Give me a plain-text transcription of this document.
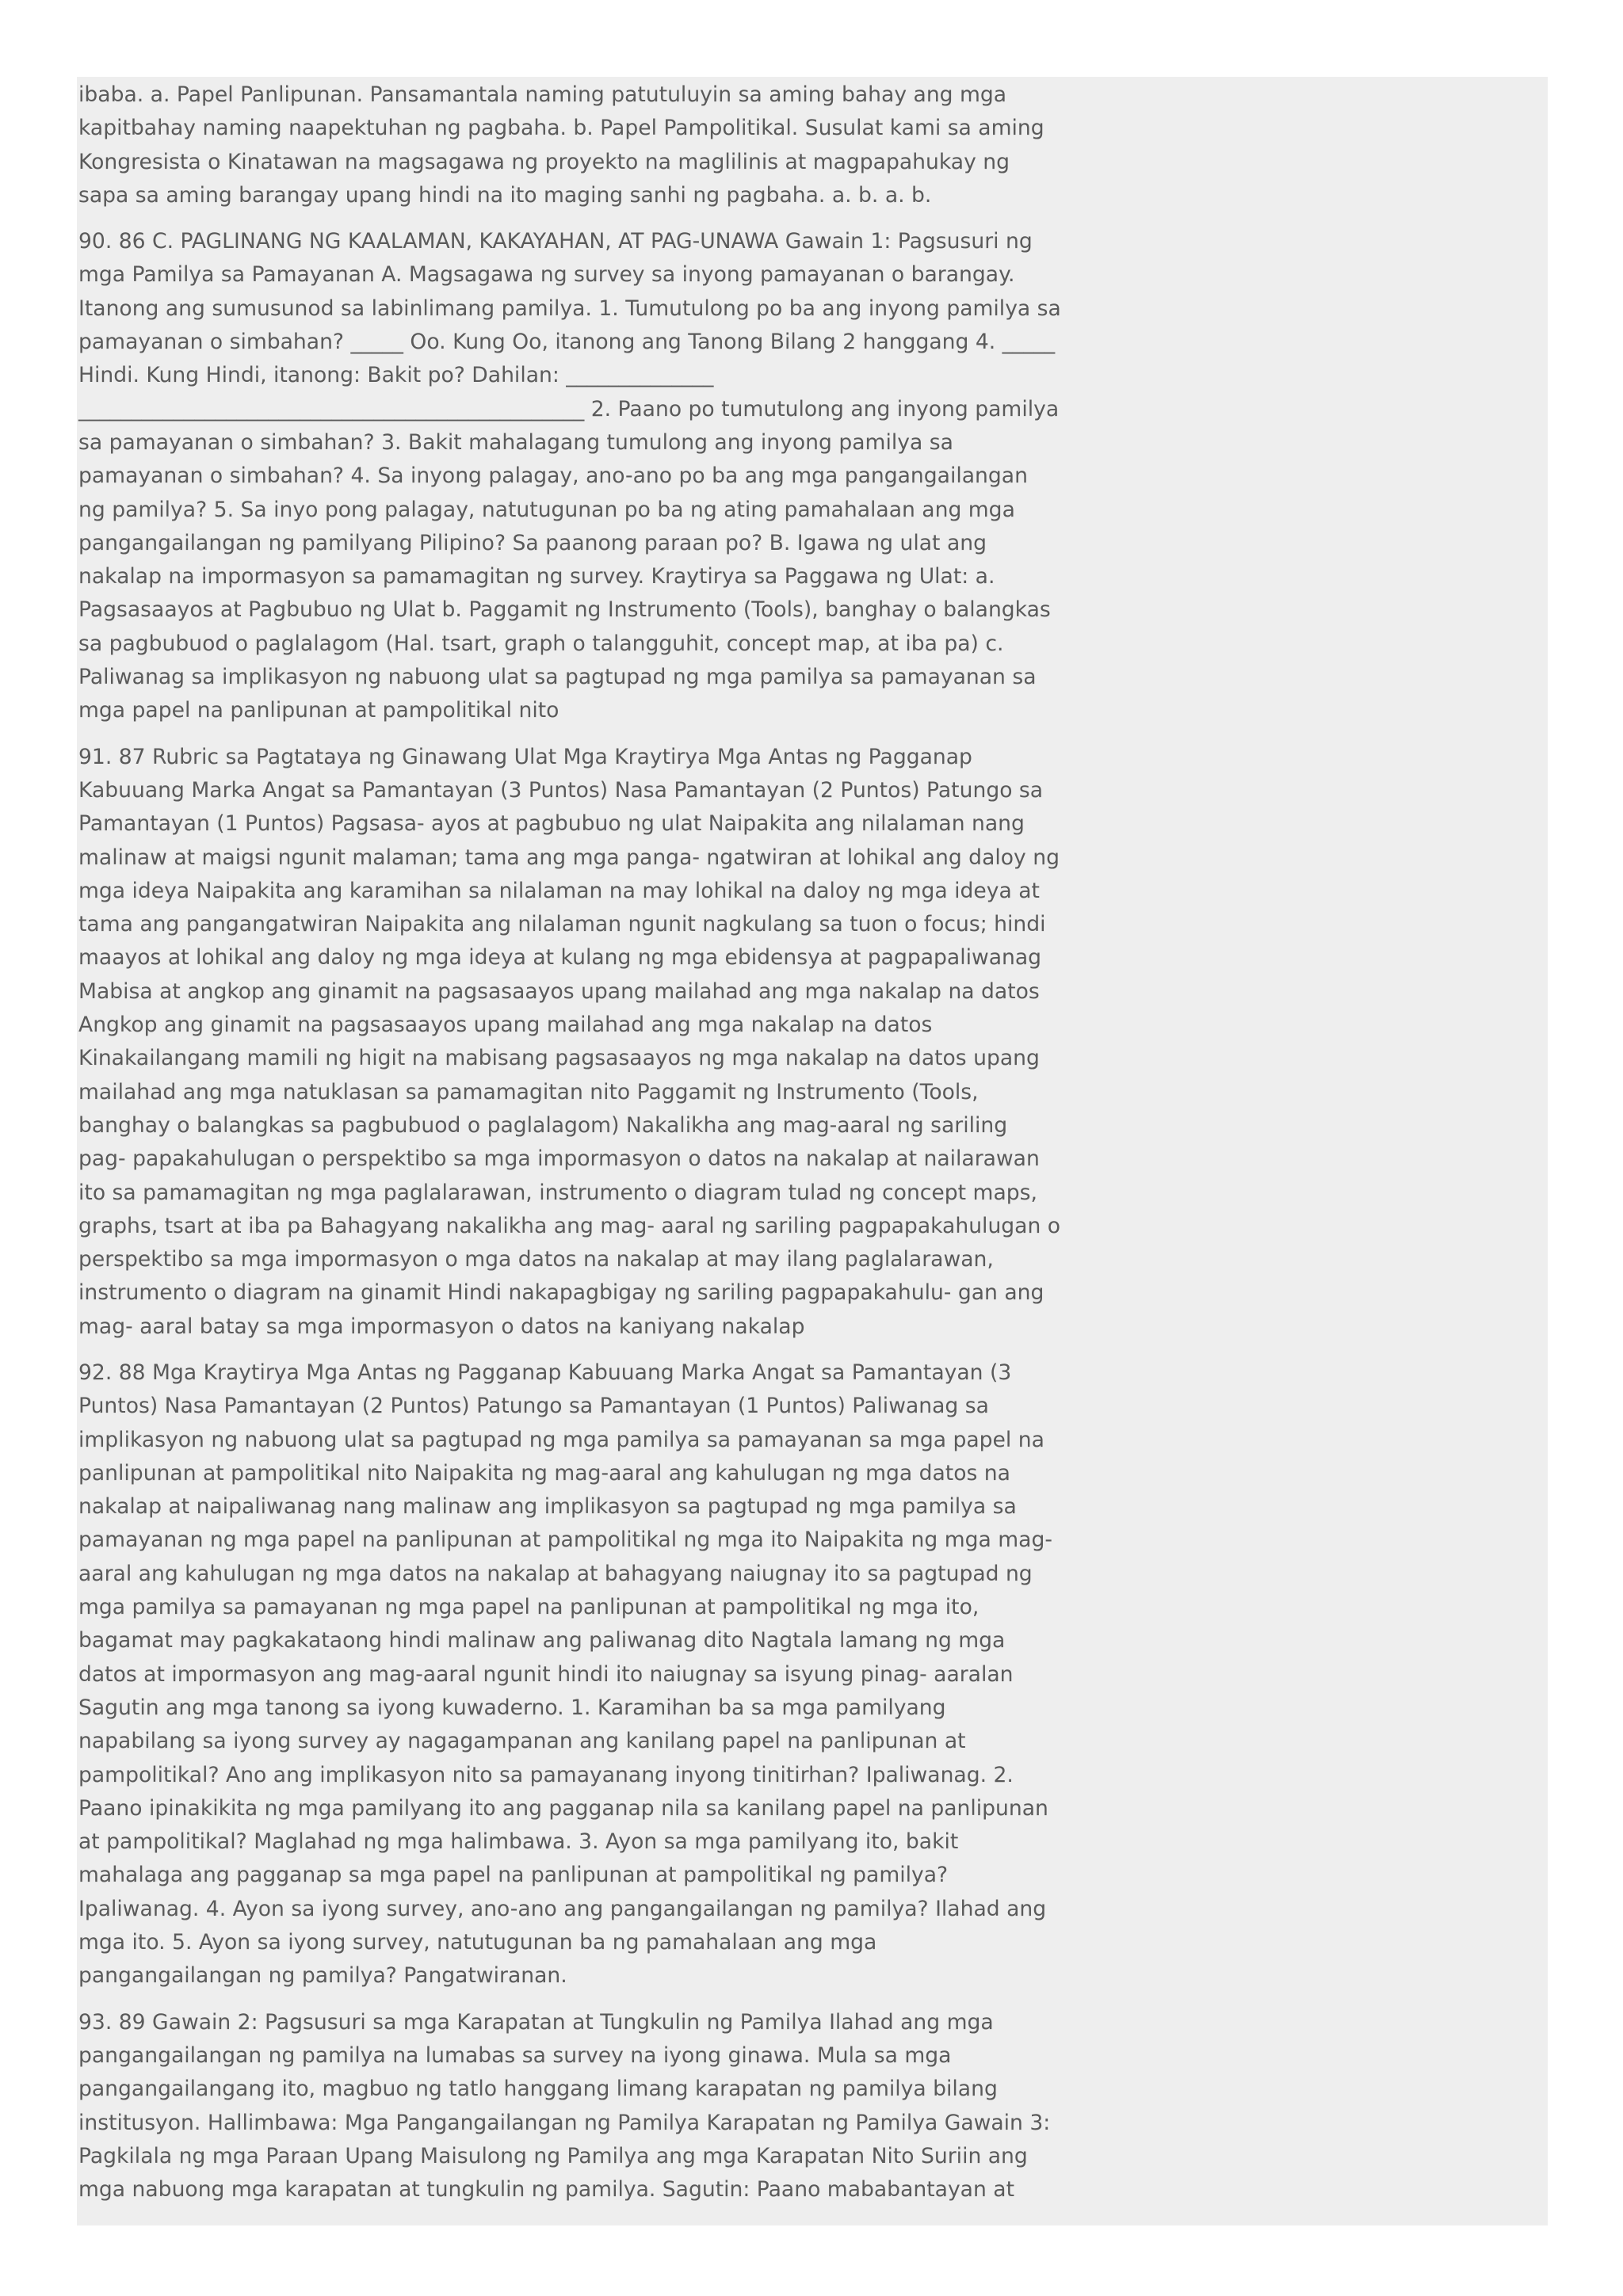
ibaba. a. Papel Panlipunan. Pansamantala naming patutuluyin sa aming bahay ang mga kapitbahay naming naapektuhan ng pagbaha. b. Papel Pampolitikal. Susulat kami sa aming Kongresista o Kinatawan na magsagawa ng proyekto na maglilinis at magpapahukay ng sapa sa aming barangay upang hindi na ito maging sanhi ng pagbaha. a. b. a. b.

90. 86 C. PAGLINANG NG KAALAMAN, KAKAYAHAN, AT PAG-UNAWA Gawain 1: Pagsusuri ng mga Pamilya sa Pamayanan A. Magsagawa ng survey sa inyong pamayanan o barangay. Itanong ang sumusunod sa labinlimang pamilya. 1. Tumutulong po ba ang inyong pamilya sa pamayanan o simbahan? _____ Oo. Kung Oo, itanong ang Tanong Bilang 2 hanggang 4. _____ Hindi. Kung Hindi, itanong: Bakit po? Dahilan: ______________ ________________________________________________ 2. Paano po tumutulong ang inyong pamilya sa pamayanan o simbahan? 3. Bakit mahalagang tumulong ang inyong pamilya sa pamayanan o simbahan? 4. Sa inyong palagay, ano-ano po ba ang mga pangangailangan ng pamilya? 5. Sa inyo pong palagay, natutugunan po ba ng ating pamahalaan ang mga pangangailangan ng pamilyang Pilipino? Sa paanong paraan po? B. Igawa ng ulat ang nakalap na impormasyon sa pamamagitan ng survey. Kraytirya sa Paggawa ng Ulat: a. Pagsasaayos at Pagbubuo ng Ulat b. Paggamit ng Instrumento (Tools), banghay o balangkas sa pagbubuod o paglalagom (Hal. tsart, graph o talangguhit, concept map, at iba pa) c. Paliwanag sa implikasyon ng nabuong ulat sa pagtupad ng mga pamilya sa pamayanan sa mga papel na panlipunan at pampolitikal nito

91. 87 Rubric sa Pagtataya ng Ginawang Ulat Mga Kraytirya Mga Antas ng Pagganap Kabuuang Marka Angat sa Pamantayan (3 Puntos) Nasa Pamantayan (2 Puntos) Patungo sa Pamantayan (1 Puntos) Pagsasa- ayos at pagbubuo ng ulat Naipakita ang nilalaman nang malinaw at maigsi ngunit malaman; tama ang mga panga- ngatwiran at lohikal ang daloy ng mga ideya Naipakita ang karamihan sa nilalaman na may lohikal na daloy ng mga ideya at tama ang pangangatwiran Naipakita ang nilalaman ngunit nagkulang sa tuon o focus; hindi maayos at lohikal ang daloy ng mga ideya at kulang ng mga ebidensya at pagpapaliwanag Mabisa at angkop ang ginamit na pagsasaayos upang mailahad ang mga nakalap na datos Angkop ang ginamit na pagsasaayos upang mailahad ang mga nakalap na datos Kinakailangang mamili ng higit na mabisang pagsasaayos ng mga nakalap na datos upang mailahad ang mga natuklasan sa pamamagitan nito Paggamit ng Instrumento (Tools, banghay o balangkas sa pagbubuod o paglalagom) Nakalikha ang mag-aaral ng sariling pag- papakahulugan o perspektibo sa mga impormasyon o datos na nakalap at nailarawan ito sa pamamagitan ng mga paglalarawan, instrumento o diagram tulad ng concept maps, graphs, tsart at iba pa Bahagyang nakalikha ang mag- aaral ng sariling pagpapakahulugan o perspektibo sa mga impormasyon o mga datos na nakalap at may ilang paglalarawan, instrumento o diagram na ginamit Hindi nakapagbigay ng sariling pagpapakahulu- gan ang mag- aaral batay sa mga impormasyon o datos na kaniyang nakalap

92. 88 Mga Kraytirya Mga Antas ng Pagganap Kabuuang Marka Angat sa Pamantayan (3 Puntos) Nasa Pamantayan (2 Puntos) Patungo sa Pamantayan (1 Puntos) Paliwanag sa implikasyon ng nabuong ulat sa pagtupad ng mga pamilya sa pamayanan sa mga papel na panlipunan at pampolitikal nito Naipakita ng mag-aaral ang kahulugan ng mga datos na nakalap at naipaliwanag nang malinaw ang implikasyon sa pagtupad ng mga pamilya sa pamayanan ng mga papel na panlipunan at pampolitikal ng mga ito Naipakita ng mga mag- aaral ang kahulugan ng mga datos na nakalap at bahagyang naiugnay ito sa pagtupad ng mga pamilya sa pamayanan ng mga papel na panlipunan at pampolitikal ng mga ito, bagamat may pagkakataong hindi malinaw ang paliwanag dito Nagtala lamang ng mga datos at impormasyon ang mag-aaral ngunit hindi ito naiugnay sa isyung pinag- aaralan Sagutin ang mga tanong sa iyong kuwaderno. 1. Karamihan ba sa mga pamilyang napabilang sa iyong survey ay nagagampanan ang kanilang papel na panlipunan at pampolitikal? Ano ang implikasyon nito sa pamayanang inyong tinitirhan? Ipaliwanag. 2. Paano ipinakikita ng mga pamilyang ito ang pagganap nila sa kanilang papel na panlipunan at pampolitikal? Maglahad ng mga halimbawa. 3. Ayon sa mga pamilyang ito, bakit mahalaga ang pagganap sa mga papel na panlipunan at pampolitikal ng pamilya? Ipaliwanag. 4. Ayon sa iyong survey, ano-ano ang pangangailangan ng pamilya? Ilahad ang mga ito. 5. Ayon sa iyong survey, natutugunan ba ng pamahalaan ang mga pangangailangan ng pamilya? Pangatwiranan.

93. 89 Gawain 2: Pagsusuri sa mga Karapatan at Tungkulin ng Pamilya Ilahad ang mga pangangailangan ng pamilya na lumabas sa survey na iyong ginawa. Mula sa mga pangangailangang ito, magbuo ng tatlo hanggang limang karapatan ng pamilya bilang institusyon. Hallimbawa: Mga Pangangailangan ng Pamilya Karapatan ng Pamilya Gawain 3: Pagkilala ng mga Paraan Upang Maisulong ng Pamilya ang mga Karapatan Nito Suriin ang mga nabuong mga karapatan at tungkulin ng pamilya. Sagutin: Paano mababantayan at
